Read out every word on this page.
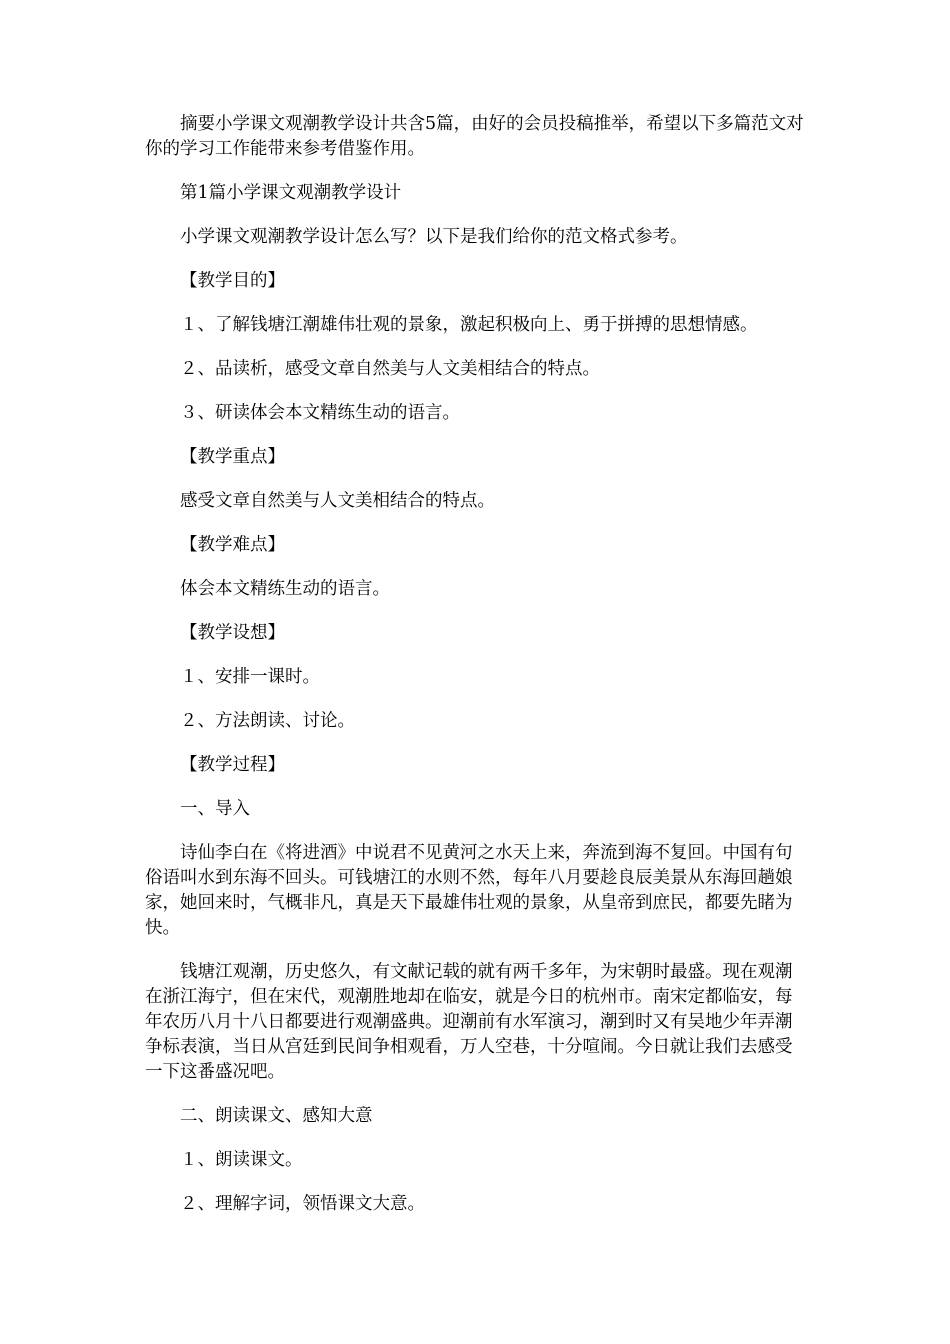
摘要小学课文观潮教学设计共含5篇，由好的会员投稿推举，希望以下多篇范文对你的学习工作能带来参考借鉴作用。

第1篇小学课文观潮教学设计

小学课文观潮教学设计怎么写？以下是我们给你的范文格式参考。

【教学目的】

１、了解钱塘江潮雄伟壮观的景象，激起积极向上、勇于拼搏的思想情感。

２、品读析，感受文章自然美与人文美相结合的特点。

３、研读体会本文精练生动的语言。

【教学重点】

感受文章自然美与人文美相结合的特点。

【教学难点】

体会本文精练生动的语言。

【教学设想】

１、安排一课时。

２、方法朗读、讨论。

【教学过程】

一、导入

诗仙李白在《将进酒》中说君不见黄河之水天上来，奔流到海不复回。中国有句俗语叫水到东海不回头。可钱塘江的水则不然，每年八月要趁良辰美景从东海回趟娘家，她回来时，气概非凡，真是天下最雄伟壮观的景象，从皇帝到庶民，都要先睹为快。

钱塘江观潮，历史悠久，有文献记载的就有两千多年，为宋朝时最盛。现在观潮在浙江海宁，但在宋代，观潮胜地却在临安，就是今日的杭州市。南宋定都临安，每年农历八月十八日都要进行观潮盛典。迎潮前有水军演习，潮到时又有吴地少年弄潮争标表演，当日从宫廷到民间争相观看，万人空巷，十分喧闹。今日就让我们去感受一下这番盛况吧。

二、朗读课文、感知大意

１、朗读课文。

２、理解字词，领悟课文大意。
